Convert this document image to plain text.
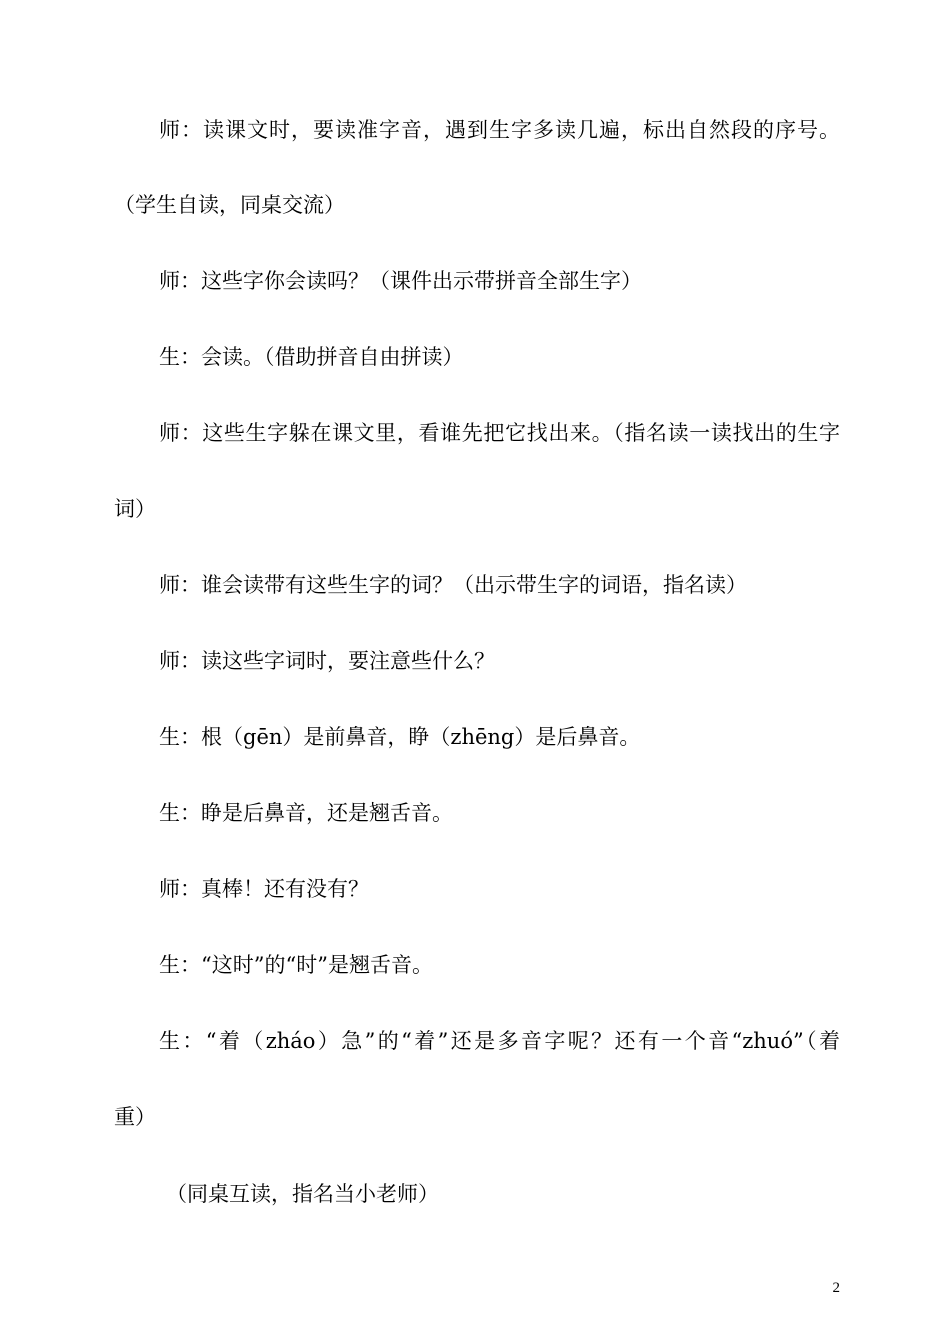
师：读课文时，要读准字音，遇到生字多读几遍，标出自然段的序号。
（学生自读，同桌交流）
师：这些字你会读吗？（课件出示带拼音全部生字）
生：会读。（借助拼音自由拼读）
师：这些生字躲在课文里，看谁先把它找出来。（指名读一读找出的生字
词）
师：谁会读带有这些生字的词？（出示带生字的词语，指名读）
师：读这些字词时，要注意些什么？
生：根（gēn）是前鼻音，睁（zhēng）是后鼻音。
生：睁是后鼻音，还是翘舌音。
师：真棒！还有没有？
生：“这时”的“时”是翘舌音。
生：“着（zháo）急”的“着”还是多音字呢？还有一个音“zhuó”（着
重）
（同桌互读，指名当小老师）
2
